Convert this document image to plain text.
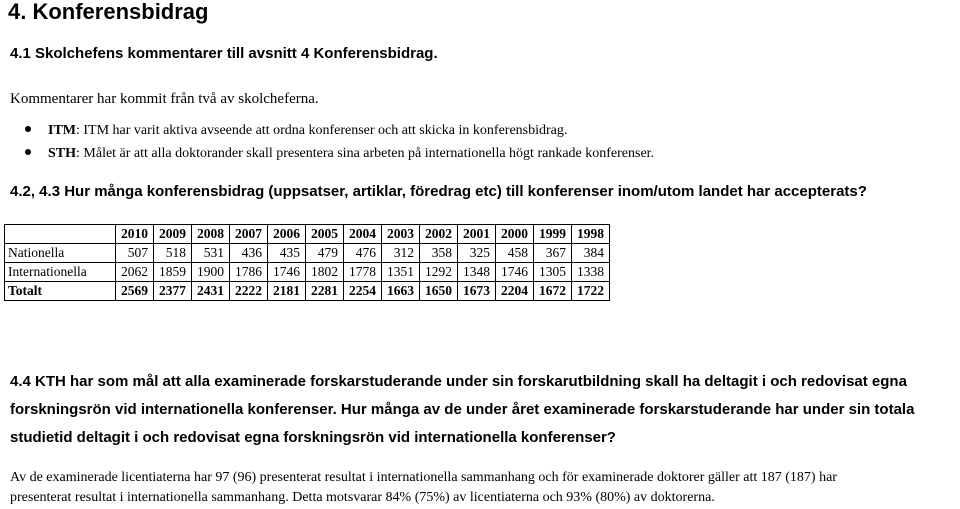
4. Konferensbidrag
4.1 Skolchefens kommentarer till avsnitt 4 Konferensbidrag.
Kommentarer har kommit från två av skolcheferna.
ITM : ITM har varit aktiva avseende att ordna konferenser och att skicka in konferensbidrag.
STH : Målet är att alla doktorander skall presentera sina arbeten på internationella högt rankade konferenser.
4.2, 4.3 Hur många konferensbidrag (uppsatser, artiklar, föredrag etc) till konferenser inom/utom landet har accepterats?
	2010	2009	2008	2007	2006	2005	2004	2003	2002	2001	2000	1999	1998
Nationella	507	518	531	436	435	479	476	312	358	325	458	367	384
Internationella	2062	1859	1900	1786	1746	1802	1778	1351	1292	1348	1746	1305	1338
Totalt	2569	2377	2431	2222	2181	2281	2254	1663	1650	1673	2204	1672	1722
4.4 KTH har som mål att alla examinerade forskarstuderande under sin forskarutbildning skall ha deltagit i och redovisat egna
forskningsrön vid internationella konferenser. Hur många av de under året examinerade forskarstuderande har under sin totala
studietid deltagit i och redovisat egna forskningsrön vid internationella konferenser?
Av de examinerade licentiaterna har 97 (96) presenterat resultat i internationella sammanhang och för examinerade doktorer gäller att 187 (187) har
presenterat resultat i internationella sammanhang. Detta motsvarar 84% (75%) av licentiaterna och 93% (80%) av doktorerna.
